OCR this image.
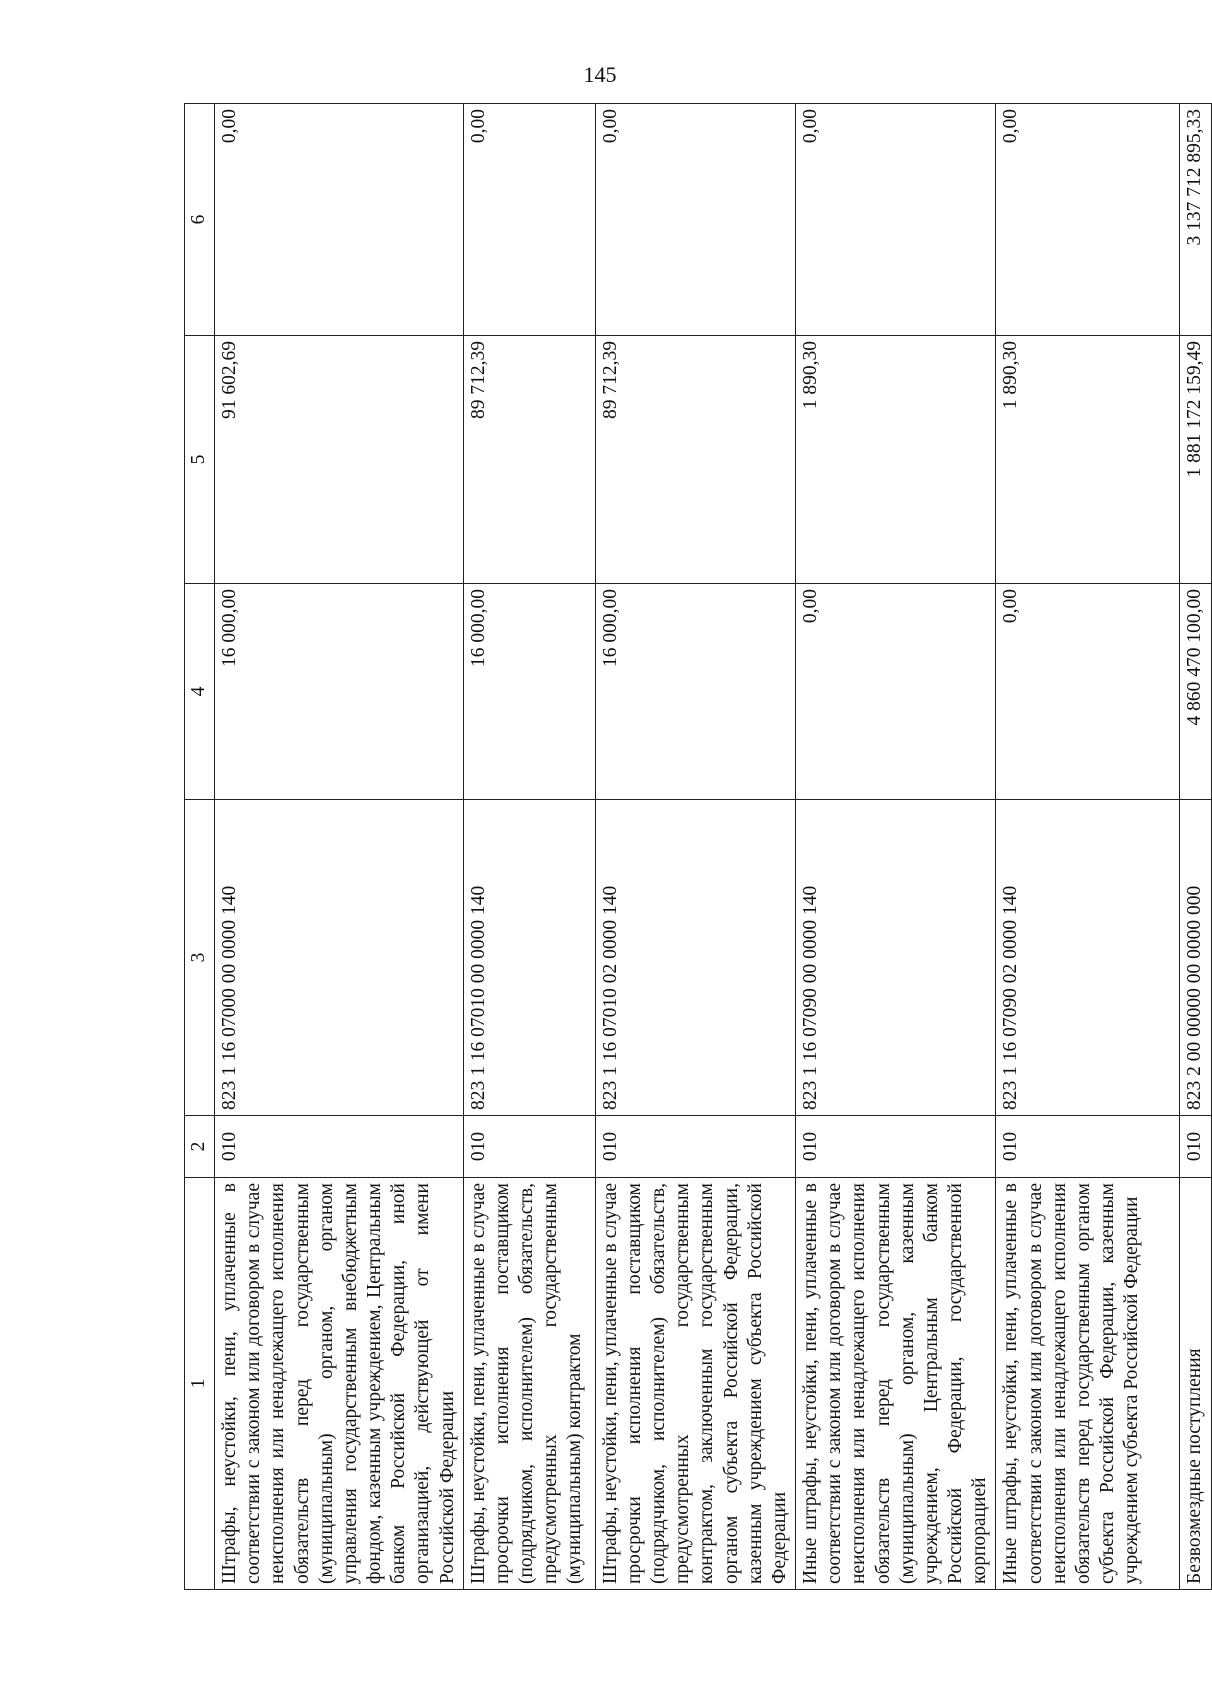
145
1	2	3	4	5	6
Штрафы, неустойки, пени, уплаченные в соответствии с законом или договором в случае неисполнения или ненадлежащего исполнения обязательств перед государственным (муниципальным) органом, органом управления государственным внебюджетным фондом, казенным учреждением, Центральным банком Российской Федерации, иной организацией, действующей от имени Российской Федерации	010	823 1 16 07000 00 0000 140	16 000,00	91 602,69	0,00
Штрафы, неустойки, пени, уплаченные в случае просрочки исполнения поставщиком (подрядчиком, исполнителем) обязательств, предусмотренных государственным (муниципальным) контрактом	010	823 1 16 07010 00 0000 140	16 000,00	89 712,39	0,00
Штрафы, неустойки, пени, уплаченные в случае просрочки исполнения поставщиком (подрядчиком, исполнителем) обязательств, предусмотренных государственным контрактом, заключенным государственным органом субъекта Российской Федерации, казенным учреждением субъекта Российской Федерации	010	823 1 16 07010 02 0000 140	16 000,00	89 712,39	0,00
Иные штрафы, неустойки, пени, уплаченные в соответствии с законом или договором в случае неисполнения или ненадлежащего исполнения обязательств перед государственным (муниципальным) органом, казенным учреждением, Центральным банком Российской Федерации, государственной корпорацией	010	823 1 16 07090 00 0000 140	0,00	1 890,30	0,00
Иные штрафы, неустойки, пени, уплаченные в соответствии с законом или договором в случае неисполнения или ненадлежащего исполнения обязательств перед государственным органом субъекта Российской Федерации, казенным учреждением субъекта Российской Федерации	010	823 1 16 07090 02 0000 140	0,00	1 890,30	0,00
Безвозмездные поступления	010	823 2 00 00000 00 0000 000	4 860 470 100,00	1 881 172 159,49	3 137 712 895,33
